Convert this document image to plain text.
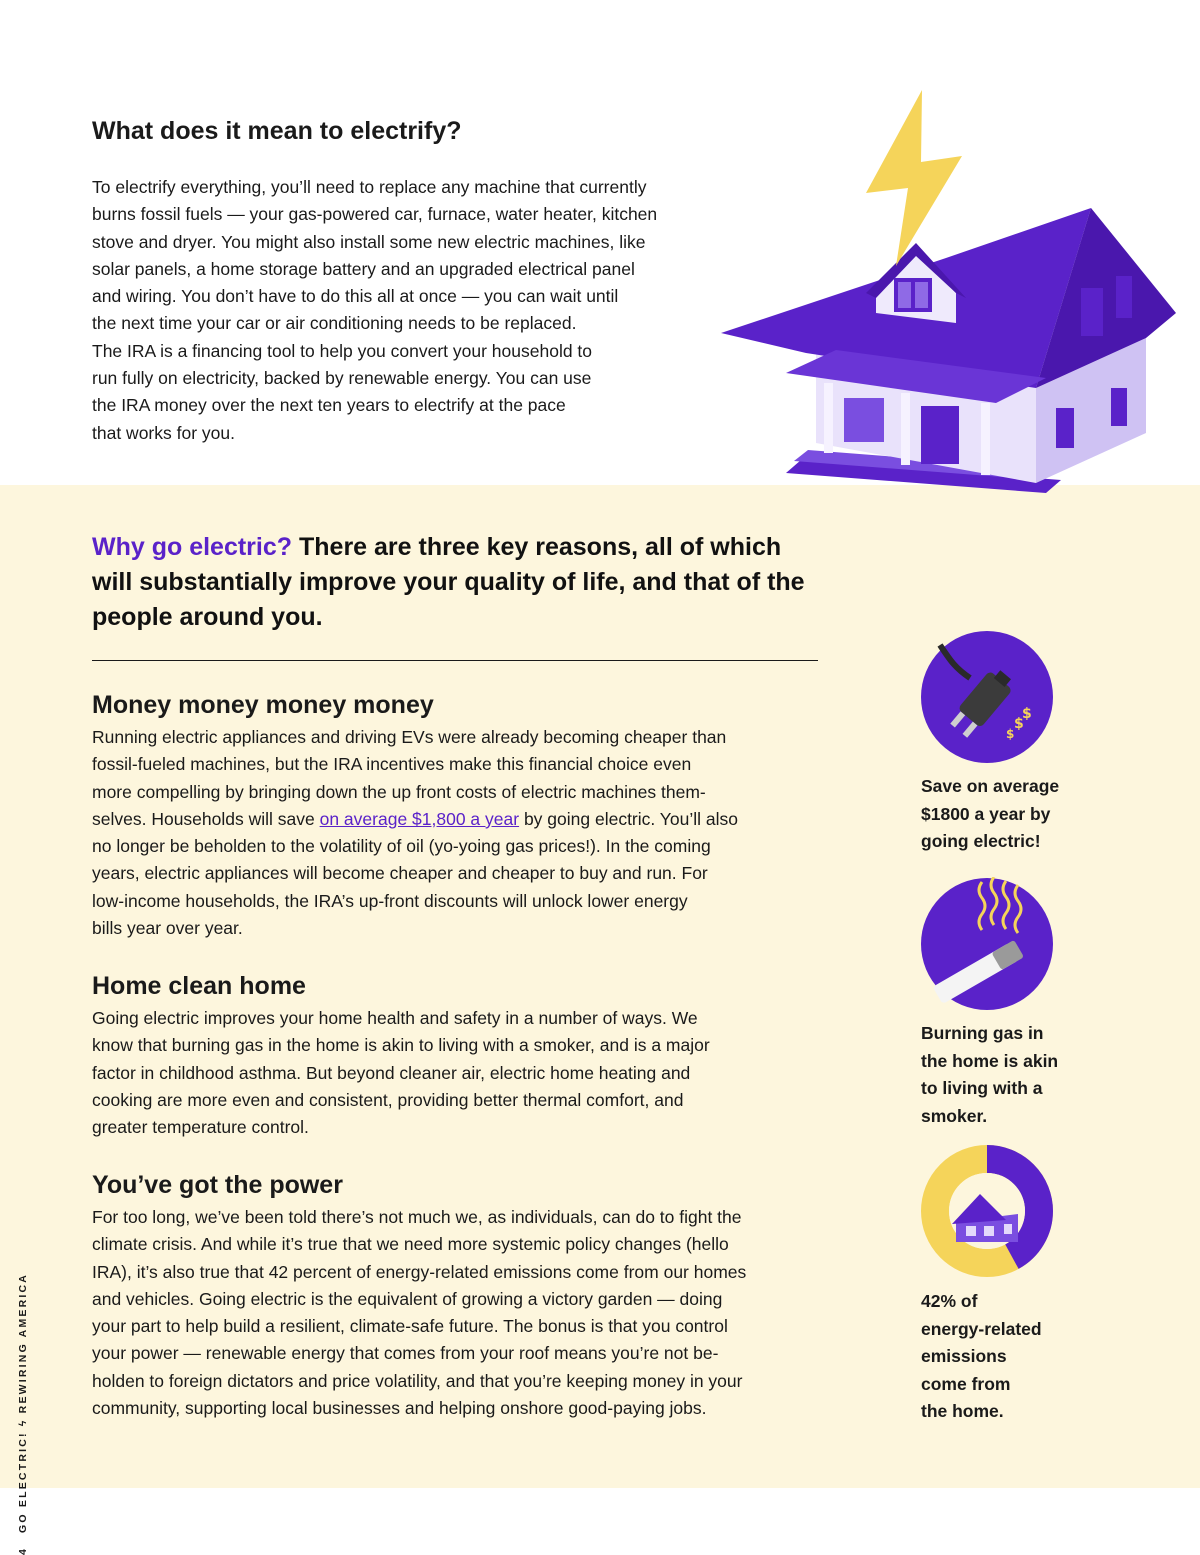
What does it mean to electrify?

To electrify everything, you’ll need to replace any machine that currently
burns fossil fuels — your gas-powered car, furnace, water heater, kitchen
stove and dryer. You might also install some new electric machines, like
solar panels, a home storage battery and an upgraded electrical panel
and wiring. You don’t have to do this all at once — you can wait until
the next time your car or air conditioning needs to be replaced.
The IRA is a financing tool to help you convert your household to
run fully on electricity, backed by renewable energy. You can use
the IRA money over the next ten years to electrify at the pace
that works for you.

Why go electric? There are three key reasons, all of which will substantially improve your quality of life, and that of the people around you.
Money money money money

Running electric appliances and driving EVs were already becoming cheaper than
fossil-fueled machines, but the IRA incentives make this financial choice even
more compelling by bringing down the up front costs of electric machines them-
selves. Households will save on average $1,800 a year by going electric. You’ll also
no longer be beholden to the volatility of oil (yo-yoing gas prices!). In the coming
years, electric appliances will become cheaper and cheaper to buy and run. For
low-income households, the IRA’s up-front discounts will unlock lower energy
bills year over year.

Home clean home

Going electric improves your home health and safety in a number of ways. We
know that burning gas in the home is akin to living with a smoker, and is a major
factor in childhood asthma. But beyond cleaner air, electric home heating and
cooking are more even and consistent, providing better thermal comfort, and
greater temperature control.

You’ve got the power

For too long, we’ve been told there’s not much we, as individuals, can do to fight the
climate crisis. And while it’s true that we need more systemic policy changes (hello
IRA), it’s also true that 42 percent of energy-related emissions come from our homes
and vehicles. Going electric is the equivalent of growing a victory garden — doing
your part to help build a resilient, climate-safe future. The bonus is that you control
your power — renewable energy that comes from your roof means you’re not be-
holden to foreign dictators and price volatility, and that you’re keeping money in your
community, supporting local businesses and helping onshore good-paying jobs.

$
$
$

Save on average
$1800 a year by
going electric!

Burning gas in
the home is akin
to living with a
smoker.

42% of
energy-related
emissions
come from
the home.

4GO ELECTRIC! ϟ REWIRING AMERICA
